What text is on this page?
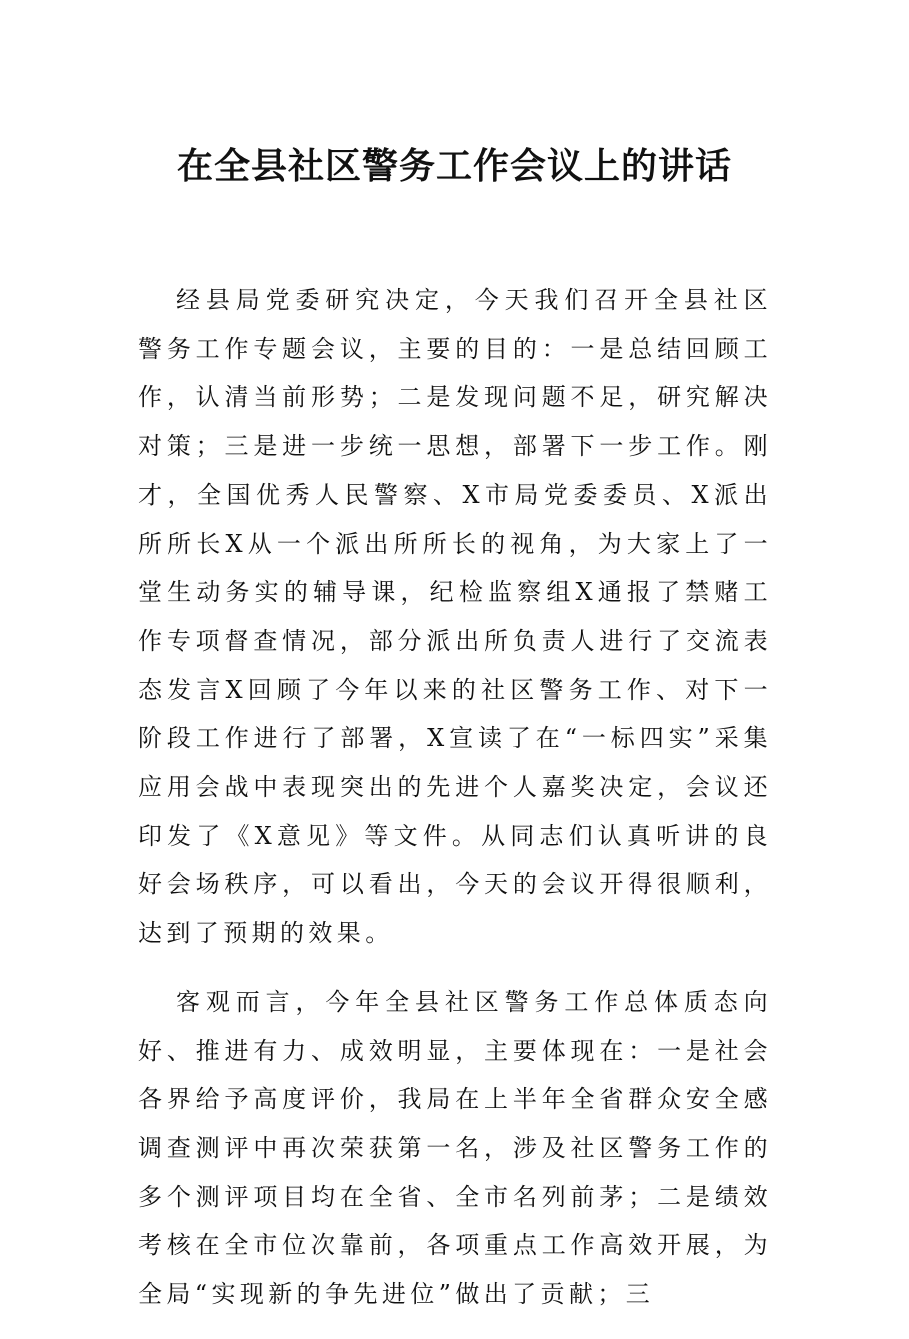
在全县社区警务工作会议上的讲话

经县局党委研究决定，今天我们召开全县社区警务工作专题会议，主要的目的：一是总结回顾工作，认清当前形势；二是发现问题不足，研究解决对策；三是进一步统一思想，部署下一步工作。刚才，全国优秀人民警察、X市局党委委员、X派出所所长X从一个派出所所长的视角，为大家上了一堂生动务实的辅导课，纪检监察组X通报了禁赌工作专项督查情况，部分派出所负责人进行了交流表态发言X回顾了今年以来的社区警务工作、对下一阶段工作进行了部署，X宣读了在“一标四实”采集应用会战中表现突出的先进个人嘉奖决定，会议还印发了《X意见》等文件。从同志们认真听讲的良好会场秩序，可以看出，今天的会议开得很顺利，达到了预期的效果。

客观而言，今年全县社区警务工作总体质态向好、推进有力、成效明显，主要体现在：一是社会各界给予高度评价，我局在上半年全省群众安全感调查测评中再次荣获第一名，涉及社区警务工作的多个测评项目均在全省、全市名列前茅；二是绩效考核在全市位次靠前，各项重点工作高效开展，为全局“实现新的争先进位”做出了贡献；三
